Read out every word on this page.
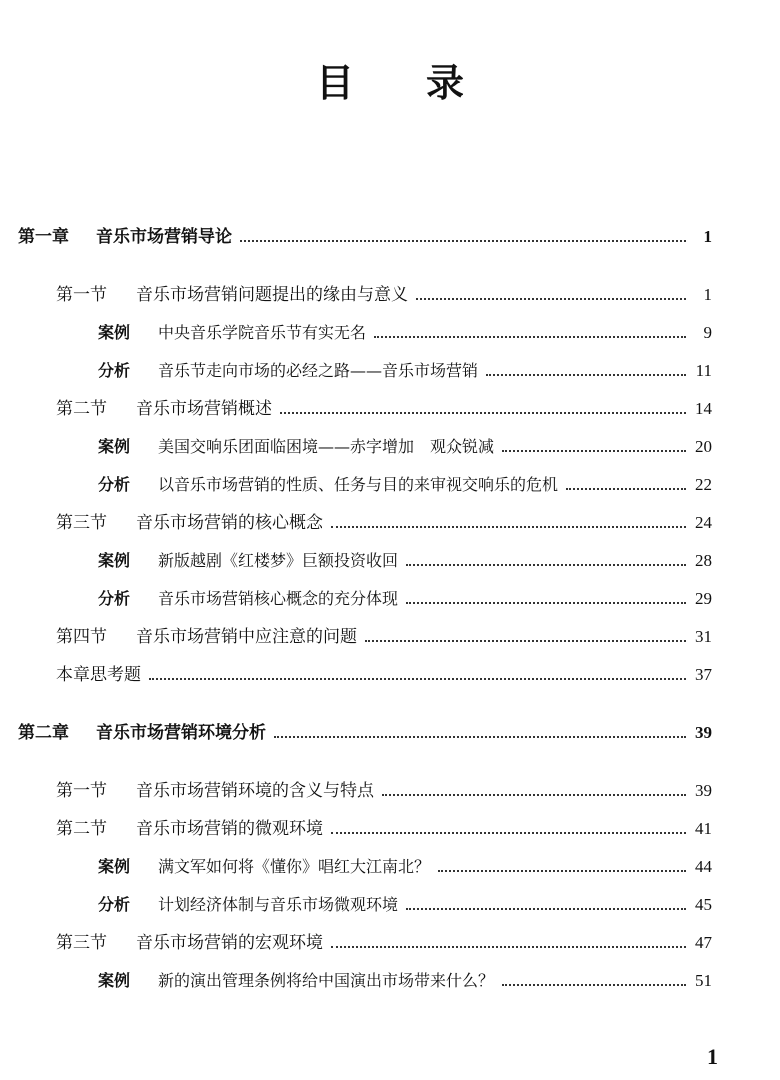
目 录
第一章	音乐市场营销导论	1
第一节	音乐市场营销问题提出的缘由与意义	1
案例	中央音乐学院音乐节有实无名	9
分析	音乐节走向市场的必经之路——音乐市场营销	11
第二节	音乐市场营销概述	14
案例	美国交响乐团面临困境——赤字增加　观众锐减	20
分析	以音乐市场营销的性质、任务与目的来审视交响乐的危机	22
第三节	音乐市场营销的核心概念	24
案例	新版越剧《红楼梦》巨额投资收回	28
分析	音乐市场营销核心概念的充分体现	29
第四节	音乐市场营销中应注意的问题	31
本章思考题	37
第二章	音乐市场营销环境分析	39
第一节	音乐市场营销环境的含义与特点	39
第二节	音乐市场营销的微观环境	41
案例	满文军如何将《懂你》唱红大江南北？	44
分析	计划经济体制与音乐市场微观环境	45
第三节	音乐市场营销的宏观环境	47
案例	新的演出管理条例将给中国演出市场带来什么？	51
1
